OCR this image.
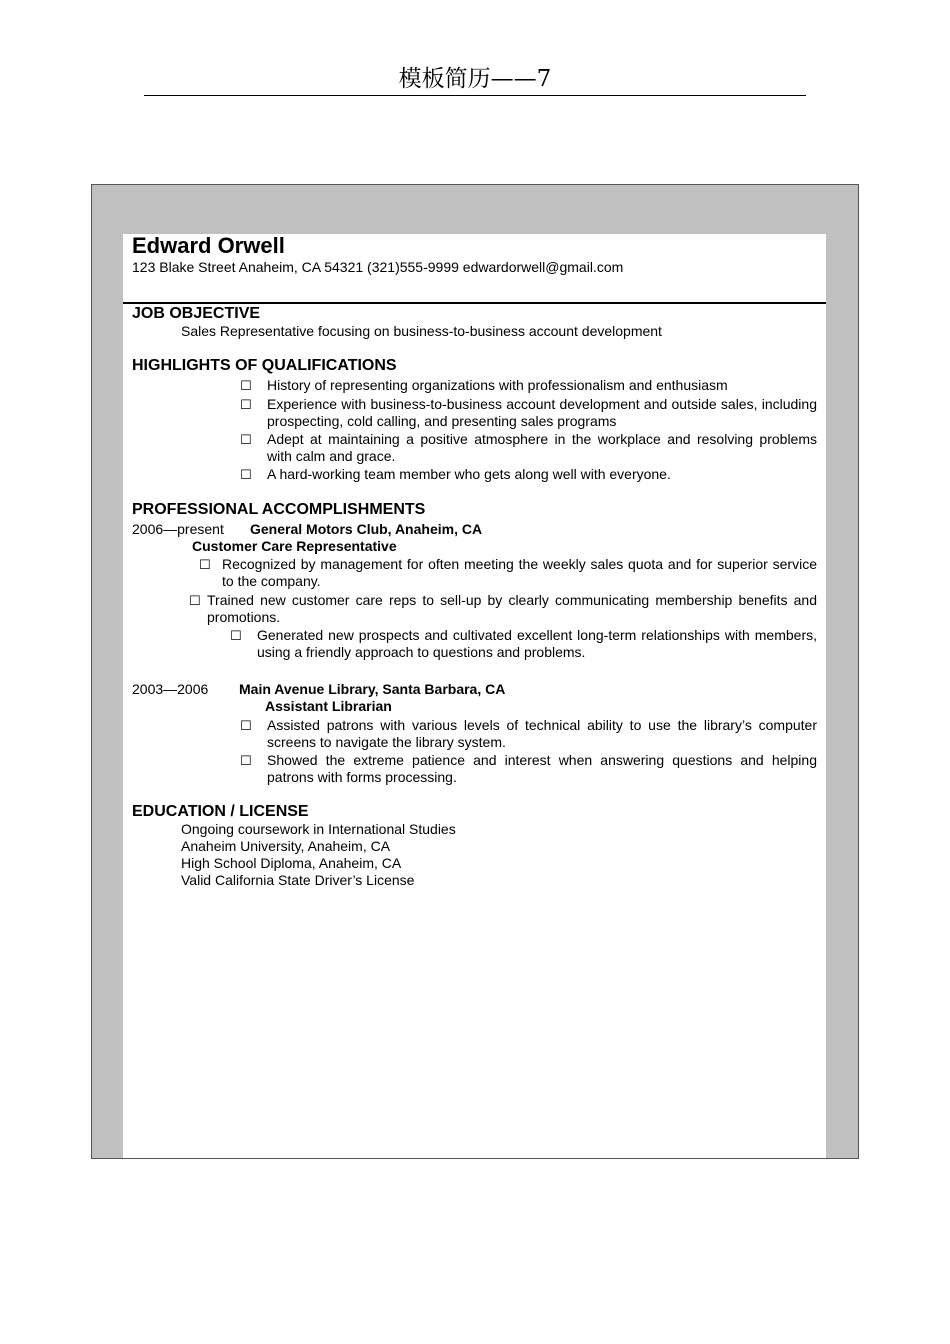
模板简历——7
Edward Orwell
123 Blake Street Anaheim, CA 54321 (321)555-9999 edwardorwell@gmail.com
JOB OBJECTIVE
Sales Representative focusing on business-to-business account development
HIGHLIGHTS OF QUALIFICATIONS
☐ History of representing organizations with professionalism and enthusiasm
☐ Experience with business-to-business account development and outside sales, including prospecting, cold calling, and presenting sales programs
☐ Adept at maintaining a positive atmosphere in the workplace and resolving problems with calm and grace.
☐ A hard-working team member who gets along well with everyone.
PROFESSIONAL ACCOMPLISHMENTS
2006—present General Motors Club, Anaheim, CA
Customer Care Representative
☐ Recognized by management for often meeting the weekly sales quota and for superior service to the company.
☐ Trained new customer care reps to sell-up by clearly communicating membership benefits and promotions.
☐ Generated new prospects and cultivated excellent long-term relationships with members, using a friendly approach to questions and problems.
2003—2006 Main Avenue Library, Santa Barbara, CA
Assistant Librarian
☐ Assisted patrons with various levels of technical ability to use the library’s computer screens to navigate the library system.
☐ Showed the extreme patience and interest when answering questions and helping patrons with forms processing.
EDUCATION / LICENSE
Ongoing coursework in International Studies
Anaheim University, Anaheim, CA
High School Diploma, Anaheim, CA
Valid California State Driver’s License
